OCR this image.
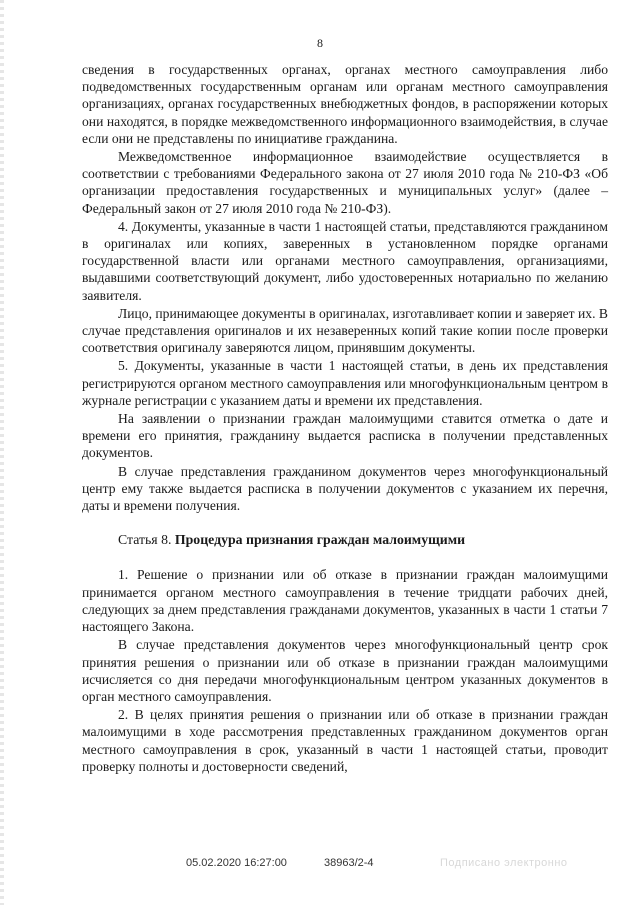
8

сведения в государственных органах, органах местного самоуправления либо подведомственных государственным органам или органам местного самоуправления организациях, органах государственных внебюджетных фондов, в распоряжении которых они находятся, в порядке межведомственного информационного взаимодействия, в случае если они не представлены по инициативе гражданина.

Межведомственное информационное взаимодействие осуществляется в соответствии с требованиями Федерального закона от 27 июля 2010 года № 210-ФЗ «Об организации предоставления государственных и муниципальных услуг» (далее – Федеральный закон от 27 июля 2010 года № 210-ФЗ).

4. Документы, указанные в части 1 настоящей статьи, представляются гражданином в оригиналах или копиях, заверенных в установленном порядке органами государственной власти или органами местного самоуправления, организациями, выдавшими соответствующий документ, либо удостоверенных нотариально по желанию заявителя.

Лицо, принимающее документы в оригиналах, изготавливает копии и заверяет их. В случае представления оригиналов и их незаверенных копий такие копии после проверки соответствия оригиналу заверяются лицом, принявшим документы.

5. Документы, указанные в части 1 настоящей статьи, в день их представления регистрируются органом местного самоуправления или многофункциональным центром в журнале регистрации с указанием даты и времени их представления.

На заявлении о признании граждан малоимущими ставится отметка о дате и времени его принятия, гражданину выдается расписка в получении представленных документов.

В случае представления гражданином документов через многофункциональный центр ему также выдается расписка в получении документов с указанием их перечня, даты и времени получения.

Статья 8. Процедура признания граждан малоимущими

1. Решение о признании или об отказе в признании граждан малоимущими принимается органом местного самоуправления в течение тридцати рабочих дней, следующих за днем представления гражданами документов, указанных в части 1 статьи 7 настоящего Закона.

В случае представления документов через многофункциональный центр срок принятия решения о признании или об отказе в признании граждан малоимущими исчисляется со дня передачи многофункциональным центром указанных документов в орган местного самоуправления.

2. В целях принятия решения о признании или об отказе в признании граждан малоимущими в ходе рассмотрения представленных гражданином документов орган местного самоуправления в срок, указанный в части 1 настоящей статьи, проводит проверку полноты и достоверности сведений,

05.02.2020 16:27:00	38963/2-4	Подписано электронно
